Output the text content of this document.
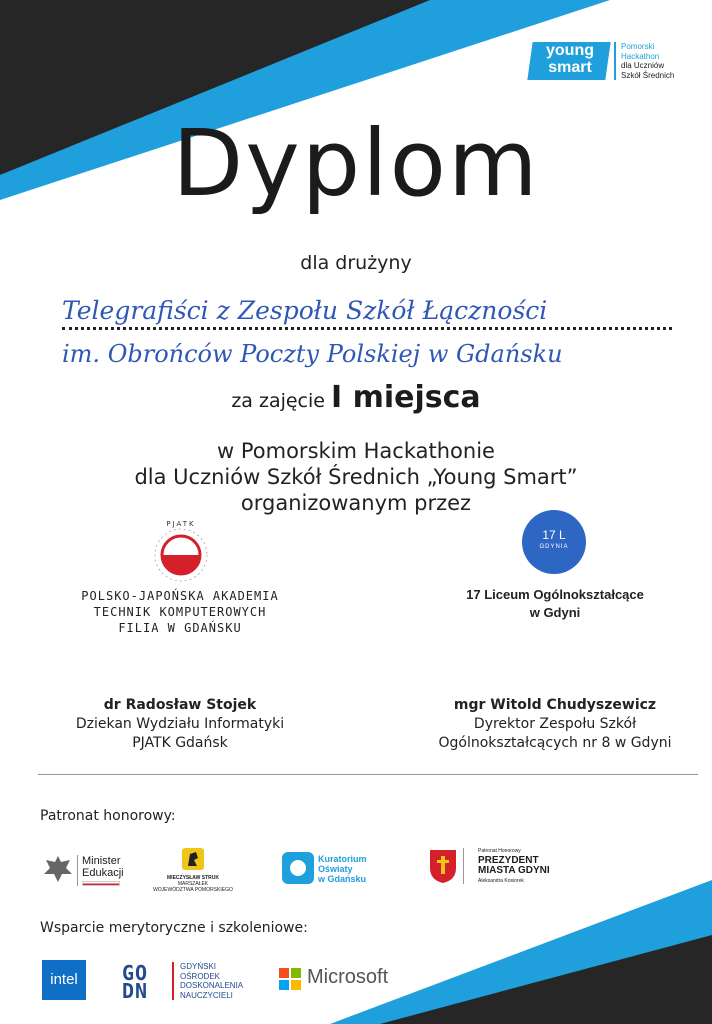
young
smart
Pomorski
Hackathon
dla Uczniów
Szkół Średnich
Dyplom
dla drużyny
Telegrafiści z Zespołu Szkół Łączności
im. Obrońców Poczty Polskiej w Gdańsku
za zajęcie I miejsca
w Pomorskim Hackathonie
dla Uczniów Szkół Średnich „Young Smart”
organizowanym przez
PJATK
POLSKO-JAPOŃSKA AKADEMIA
TECHNIK KOMPUTEROWYCH
FILIA W GDAŃSKU
17 L
GDYNIA
17 Liceum Ogólnokształcące
w Gdyni
dr Radosław Stojek
Dziekan Wydziału Informatyki
PJATK Gdańsk
mgr Witold Chudyszewicz
Dyrektor Zespołu Szkół
Ogólnokształcących nr 8 w Gdyni
Patronat honorowy:
Minister
Edukacji	MIECZYSŁAW STRUK
MARSZAŁEK
WOJEWÓDZTWA POMORSKIEGO
Kuratorium
Oświaty
w Gdańsku
Patronat Honorowy
PREZYDENT
MIASTA GDYNI
Aleksandra Kosiorek
Wsparcie merytoryczne i szkoleniowe:
intel	GO
DN
GDYŃSKI
OŚRODEK
DOSKONALENIA
NAUCZYCIELI
Microsoft
